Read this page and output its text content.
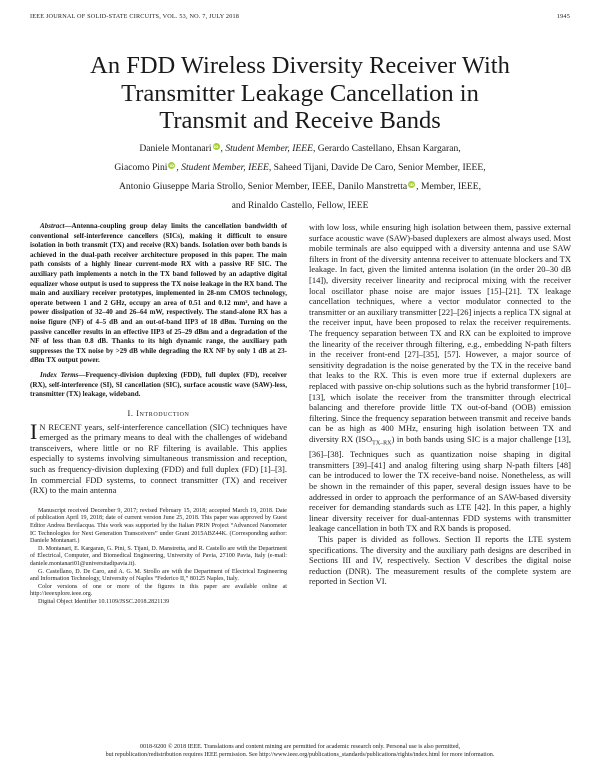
IEEE JOURNAL OF SOLID-STATE CIRCUITS, VOL. 53, NO. 7, JULY 2018	1945
An FDD Wireless Diversity Receiver With
Transmitter Leakage Cancellation in
Transmit and Receive Bands
Daniele Montanari iD , Student Member, IEEE, Gerardo Castellano, Ehsan Kargaran,
Giacomo Pini iD , Student Member, IEEE, Saheed Tijani, Davide De Caro, Senior Member, IEEE,
Antonio Giuseppe Maria Strollo, Senior Member, IEEE, Danilo Manstretta iD , Member, IEEE,
and Rinaldo Castello, Fellow, IEEE

Abstract—Antenna-coupling group delay limits the cancellation bandwidth of conventional self-interference cancellers (SICs), making it difficult to ensure isolation in both transmit (TX) and receive (RX) bands. Isolation over both bands is achieved in the dual-path receiver architecture proposed in this paper. The main path consists of a highly linear current-mode RX with a passive RF SIC. The auxiliary path implements a notch in the TX band followed by an adaptive digital equalizer whose output is used to suppress the TX noise leakage in the RX band. The main and auxiliary receiver prototypes, implemented in 28-nm CMOS technology, operate between 1 and 2 GHz, occupy an area of 0.51 and 0.12 mm², and have a power dissipation of 32–40 and 26–64 mW, respectively. The stand-alone RX has a noise figure (NF) of 4–5 dB and an out-of-band IIP3 of 18 dBm. Turning on the passive canceller results in an effective IIP3 of 25–29 dBm and a degradation of the NF of less than 0.8 dB. Thanks to its high dynamic range, the auxiliary path suppresses the TX noise by >29 dB while degrading the RX NF by only 1 dB at 23-dBm TX output power.

Index Terms—Frequency-division duplexing (FDD), full duplex (FD), receiver (RX), self-interference (SI), SI cancellation (SIC), surface acoustic wave (SAW)-less, transmitter (TX) leakage, wideband.

I. Introduction

I N RECENT years, self-interference cancellation (SIC) techniques have emerged as the primary means to deal with the challenges of wideband transceivers, where little or no RF filtering is available. This applies especially to systems involving simultaneous transmission and reception, such as frequency-division duplexing (FDD) and full duplex (FD) [1]–[3]. In commercial FDD systems, to connect transmitter (TX) and receiver (RX) to the main antenna

Manuscript received December 9, 2017; revised February 15, 2018; accepted March 19, 2018. Date of publication April 19, 2018; date of current version June 25, 2018. This paper was approved by Guest Editor Andrea Bevilacqua. This work was supported by the Italian PRIN Project “Advanced Nanometer IC Technologies for Next Generation Transceivers” under Grant 2015ABZ44K. (Corresponding author: Daniele Montanari.)

D. Montanari, E. Kargaran, G. Pini, S. Tijani, D. Manstretta, and R. Castello are with the Department of Electrical, Computer, and Biomedical Engineering, University of Pavia, 27100 Pavia, Italy (e-mail: daniele.montanari01@universitadipavia.it).

G. Castellano, D. De Caro, and A. G. M. Strollo are with the Department of Electrical Engineering and Information Technology, University of Naples “Federico II,” 80125 Naples, Italy.

Color versions of one or more of the figures in this paper are available online at http://ieeexplore.ieee.org.

Digital Object Identifier 10.1109/JSSC.2018.2821139

with low loss, while ensuring high isolation between them, passive external surface acoustic wave (SAW)-based duplexers are almost always used. Most mobile terminals are also equipped with a diversity antenna and use SAW filters in front of the diversity antenna receiver to attenuate blockers and TX leakage. In fact, given the limited antenna isolation (in the order 20–30 dB [14]), diversity receiver linearity and reciprocal mixing with the receiver local oscillator phase noise are major issues [15]–[21]. TX leakage cancellation techniques, where a vector modulator connected to the transmitter or an auxiliary transmitter [22]–[26] injects a replica TX signal at the receiver input, have been proposed to relax the receiver requirements. The frequency separation between TX and RX can be exploited to improve the linearity of the receiver through filtering, e.g., embedding N-path filters in the receiver front-end [27]–[35], [57]. However, a major source of sensitivity degradation is the noise generated by the TX in the receive band that leaks to the RX. This is even more true if external duplexers are replaced with passive on-chip solutions such as the hybrid transformer [10]–[13], which isolate the receiver from the transmitter through electrical balancing and therefore provide little TX out-of-band (OOB) emission filtering. Since the frequency separation between transmit and receive bands can be as high as 400 MHz, ensuring high isolation between TX and diversity RX $(ISO_{TX-RX})$ in both bands using SIC is a major challenge [13], [36]–[38]. Techniques such as quantization noise shaping in digital transmitters [39]–[41] and analog filtering using sharp N-path filters [48] can be introduced to lower the TX receive-band noise. Nonetheless, as will be shown in the remainder of this paper, several design issues have to be addressed in order to approach the performance of an SAW-based diversity receiver for demanding standards such as LTE [42]. In this paper, a highly linear diversity receiver for dual-antennas FDD systems with transmitter leakage cancellation in both TX and RX bands is proposed.

This paper is divided as follows. Section II reports the LTE system specifications. The diversity and the auxiliary path designs are described in Sections III and IV, respectively. Section V describes the digital noise reduction (DNR). The measurement results of the complete system are reported in Section VI.

0018-9200 © 2018 IEEE. Translations and content mining are permitted for academic research only. Personal use is also permitted,
but republication/redistribution requires IEEE permission. See http://www.ieee.org/publications_standards/publications/rights/index.html for more information.
